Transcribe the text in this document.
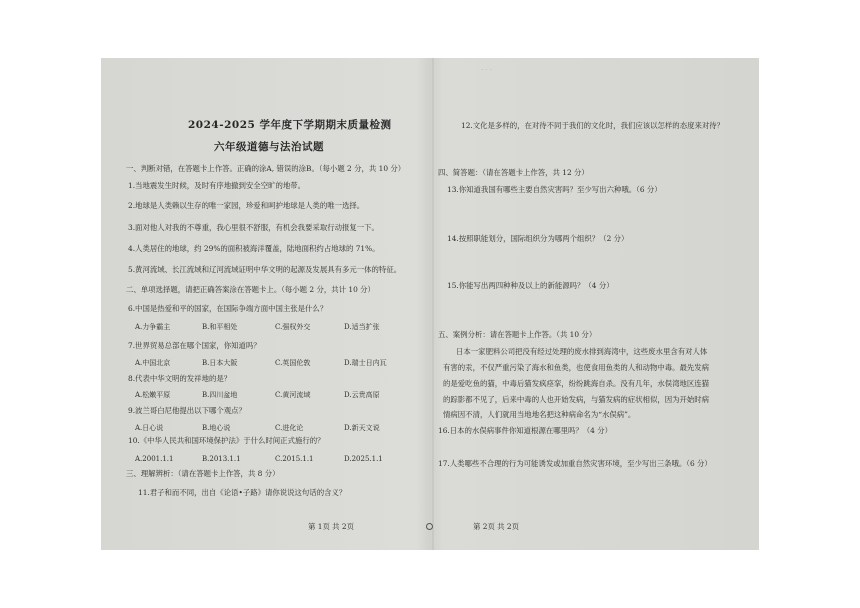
· · ·
2024-2025 学年度下学期期末质量检测
六年级道德与法治试题
一、判断对错，在答题卡上作答。正确的涂A, 错误的涂B。（每小题 2 分，共 10 分）
1.当地震发生时候，及时有序地撤到安全空旷的地带。
2.地球是人类赖以生存的唯一家园，珍爱和呵护地球是人类的唯一选择。
3.面对他人对我的不尊重，我心里很不舒服，有机会我要采取行动报复一下。
4.人类居住的地球，约 29%的面积被海洋覆盖，陆地面积约占地球的 71%。
5.黄河流域、长江流域和辽河流域证明中华文明的起源及发展具有多元一体的特征。
二、单项选择题，请把正确答案涂在答题卡上。（每小题 2 分，共计 10 分）
6.中国是热爱和平的国家，在国际争端方面中国主张是什么？
A.力争霸主	B.和平相处	C.强权外交	D.适当扩张
7.世界贸易总部在哪个国家，你知道吗？
A.中国北京	B.日本大阪	C.英国伦敦	D.瑞士日内瓦
8.代表中华文明的发祥地的是？
A.松嫩平原	B.四川盆地	C.黄河流域	D.云贵高原
9.波兰哥白尼他提出以下哪个观点？
A.日心说	B.地心说	C.进化论	D.新天文说
10.《中华人民共和国环境保护法》于什么时间正式施行的？
A.2001.1.1	B.2013.1.1	C.2015.1.1	D.2025.1.1
三、理解辨析：（请在答题卡上作答，共 8 分）
11.君子和而不同，出自《论语•子路》请你说说这句话的含义？
第 1页 共 2页
12.文化是多样的，在对待不同于我们的文化时，我们应该以怎样的态度来对待？
四、简答题：（请在答题卡上作答，共 12 分）
13.你知道我国有哪些主要自然灾害吗？至少写出六种哦。（6 分）
14.按照职能划分，国际组织分为哪两个组织？（2 分）
15.你能写出两四种种及以上的新能源吗？（4 分）
五、案例分析：请在答题卡上作答。（共 10 分）
日本一家肥料公司把没有经过处理的废水排到海湾中，这些废水里含有对人体
有害的汞，不仅严重污染了海水和鱼类，也使食用鱼类的人和动物中毒。最先发病
的是爱吃鱼的猫，中毒后猫发疯痉挛，纷纷跳海自杀。没有几年，水俣湾地区连猫
的踪影都不见了，后来中毒的人也开始发病，与猫发病的症状相似，因为开始时病
情病因不清，人们就用当地地名把这种病命名为“水俣病”。
16.日本的水俣病事件你知道根源在哪里吗？（4 分）
17.人类哪些不合理的行为可能诱发或加重自然灾害环境，至少写出三条哦。（6 分）
第 2页 共 2页
